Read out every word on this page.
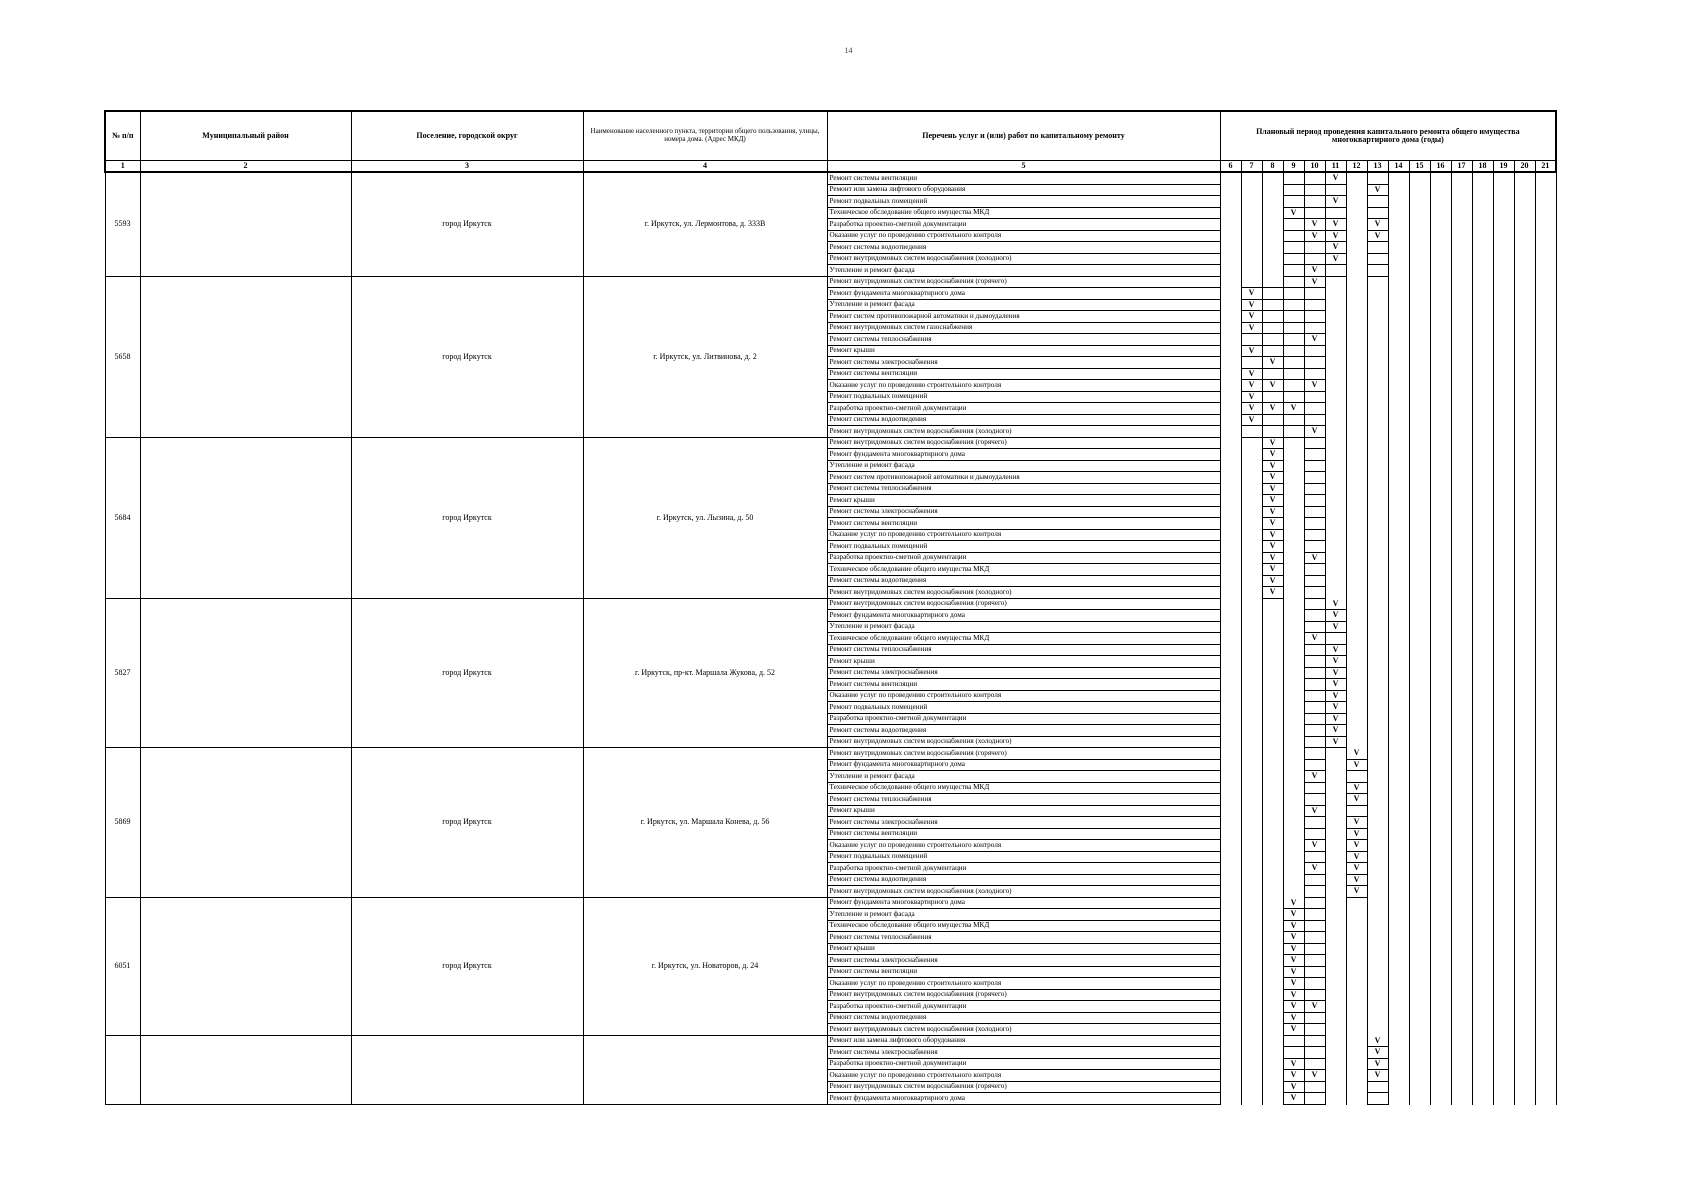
14
№ п/п	Муниципальный район	Поселение, городской округ	Наименование населенного пункта, территории общего пользования, улицы, номера дома. (Адрес МКД)	Перечень услуг и (или) работ по капитальному ремонту	Плановый период проведения капитального ремонта общего имущества многоквартирного дома (годы)															
1	2	3	4	5	6	7	8	9	10	11	12	13	14	15	16	17	18	19	20	21
5593		город Иркутск	г. Иркутск, ул. Лермонтова, д. 333В	Ремонт системы вентиляции						V										
				Ремонт или замена лифтового оборудования								V								
				Ремонт подвальных помещений						V										
				Техническое обследование общего имущества МКД				V												
				Разработка проектно-сметной документации					V	V		V								
				Оказание услуг по проведению строительного контроля					V	V		V								
				Ремонт системы водоотведения						V										
				Ремонт внутридомовых систем водоснабжения (холодного)						V										
				Утепление и ремонт фасада					V											
5658		город Иркутск	г. Иркутск, ул. Литвинова, д. 2	Ремонт внутридомовых систем водоснабжения (горячего)					V											
				Ремонт фундамента многоквартирного дома		V														
				Утепление и ремонт фасада		V														
				Ремонт систем противопожарной автоматики и дымоудаления		V														
				Ремонт внутридомовых систем газоснабжения		V														
				Ремонт системы теплоснабжения					V											
				Ремонт крыши		V														
				Ремонт системы электроснабжения			V													
				Ремонт системы вентиляции		V														
				Оказание услуг по проведению строительного контроля		V	V		V											
				Ремонт подвальных помещений		V														
				Разработка проектно-сметной документации		V	V	V												
				Ремонт системы водоотведения		V														
				Ремонт внутридомовых систем водоснабжения (холодного)					V											
5684		город Иркутск	г. Иркутск, ул. Лызина, д. 50	Ремонт внутридомовых систем водоснабжения (горячего)			V													
				Ремонт фундамента многоквартирного дома			V													
				Утепление и ремонт фасада			V													
				Ремонт систем противопожарной автоматики и дымоудаления			V													
				Ремонт системы теплоснабжения			V													
				Ремонт крыши			V													
				Ремонт системы электроснабжения			V													
				Ремонт системы вентиляции			V													
				Оказание услуг по проведению строительного контроля			V													
				Ремонт подвальных помещений			V													
				Разработка проектно-сметной документации			V		V											
				Техническое обследование общего имущества МКД			V													
				Ремонт системы водоотведения			V													
				Ремонт внутридомовых систем водоснабжения (холодного)			V													
5827		город Иркутск	г. Иркутск, пр-кт. Маршала Жукова, д. 52	Ремонт внутридомовых систем водоснабжения (горячего)						V										
				Ремонт фундамента многоквартирного дома						V										
				Утепление и ремонт фасада						V										
				Техническое обследование общего имущества МКД					V											
				Ремонт системы теплоснабжения						V										
				Ремонт крыши						V										
				Ремонт системы электроснабжения						V										
				Ремонт системы вентиляции						V										
				Оказание услуг по проведению строительного контроля						V										
				Ремонт подвальных помещений						V										
				Разработка проектно-сметной документации						V										
				Ремонт системы водоотведения						V										
				Ремонт внутридомовых систем водоснабжения (холодного)						V										
5869		город Иркутск	г. Иркутск, ул. Маршала Конева, д. 56	Ремонт внутридомовых систем водоснабжения (горячего)							V									
				Ремонт фундамента многоквартирного дома							V									
				Утепление и ремонт фасада					V											
				Техническое обследование общего имущества МКД							V									
				Ремонт системы теплоснабжения							V									
				Ремонт крыши					V											
				Ремонт системы электроснабжения							V									
				Ремонт системы вентиляции							V									
				Оказание услуг по проведению строительного контроля					V		V									
				Ремонт подвальных помещений							V									
				Разработка проектно-сметной документации					V		V									
				Ремонт системы водоотведения							V									
				Ремонт внутридомовых систем водоснабжения (холодного)							V									
6051		город Иркутск	г. Иркутск, ул. Новаторов, д. 24	Ремонт фундамента многоквартирного дома				V												
				Утепление и ремонт фасада				V												
				Техническое обследование общего имущества МКД				V												
				Ремонт системы теплоснабжения				V												
				Ремонт крыши				V												
				Ремонт системы электроснабжения				V												
				Ремонт системы вентиляции				V												
				Оказание услуг по проведению строительного контроля				V												
				Ремонт внутридомовых систем водоснабжения (горячего)				V												
				Разработка проектно-сметной документации				V	V											
				Ремонт системы водоотведения				V												
				Ремонт внутридомовых систем водоснабжения (холодного)				V												
				Ремонт или замена лифтового оборудования								V								
				Ремонт системы электроснабжения								V								
				Разработка проектно-сметной документации				V				V								
				Оказание услуг по проведению строительного контроля				V	V			V								
				Ремонт внутридомовых систем водоснабжения (горячего)				V												
				Ремонт фундамента многоквартирного дома				V												
